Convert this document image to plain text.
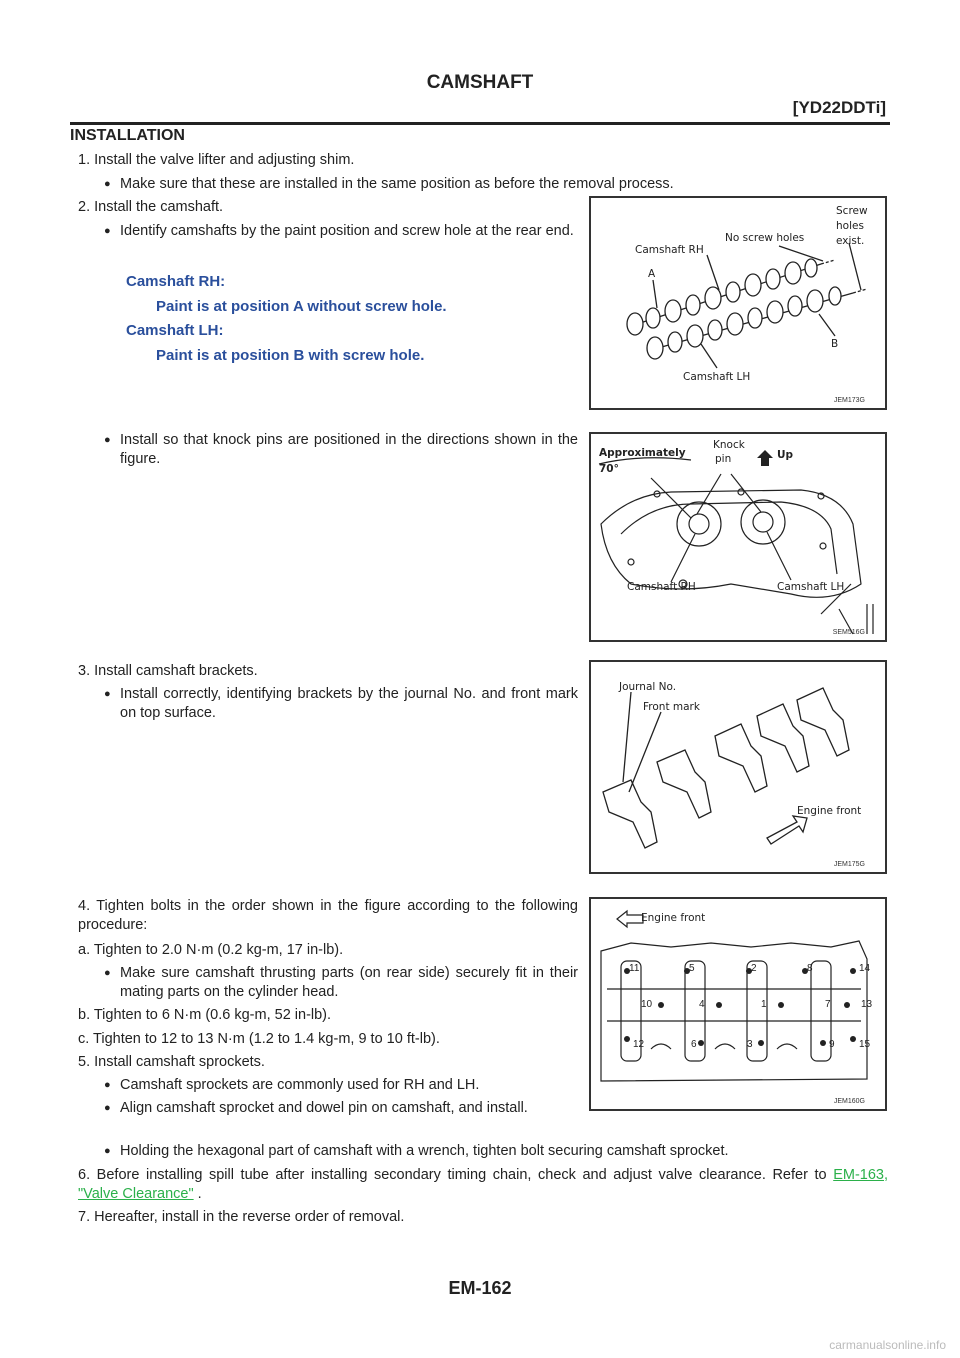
CAMSHAFT
[YD22DDTi]
INSTALLATION
1. Install the valve lifter and adjusting shim.
● Make sure that these are installed in the same position as before the removal process.
2. Install the camshaft.
● Identify camshafts by the paint position and screw hole at the rear end.
Camshaft RH:
Paint is at position A without screw hole.
Camshaft LH:
Paint is at position B with screw hole.
Camshaft RH
No screw holes
Screw
holes
exist.
A
B
Camshaft LH
JEM173G
● Install so that knock pins are positioned in the directions shown in the figure.	Approximately
70°
Knock
pin	Up
Camshaft RH	Camshaft LH
SEM516G
3. Install camshaft brackets.
● Install correctly, identifying brackets by the journal No. and front mark on top surface.
Journal No.
Front mark
Engine front
JEM175G
4. Tighten bolts in the order shown in the figure according to the following procedure:
a. Tighten to 2.0 N·m (0.2 kg-m, 17 in-lb).
● Make sure camshaft thrusting parts (on rear side) securely fit in their mating parts on the cylinder head.
b. Tighten to 6 N·m (0.6 kg-m, 52 in-lb).
c. Tighten to 12 to 13 N·m (1.2 to 1.4 kg-m, 9 to 10 ft-lb).
5. Install camshaft sprockets.
● Camshaft sprockets are commonly used for RH and LH.
● Align camshaft sprocket and dowel pin on camshaft, and install.
● Holding the hexagonal part of camshaft with a wrench, tighten bolt securing camshaft sprocket.
Engine front
11	5	2	8	14
10	4	1	7	13
12	6	3	9 15
JEM160G
6. Before installing spill tube after installing secondary timing chain, check and adjust valve clearance. Refer to EM-163, "Valve Clearance" .
7. Hereafter, install in the reverse order of removal.
EM-162
carmanualsonline.info
